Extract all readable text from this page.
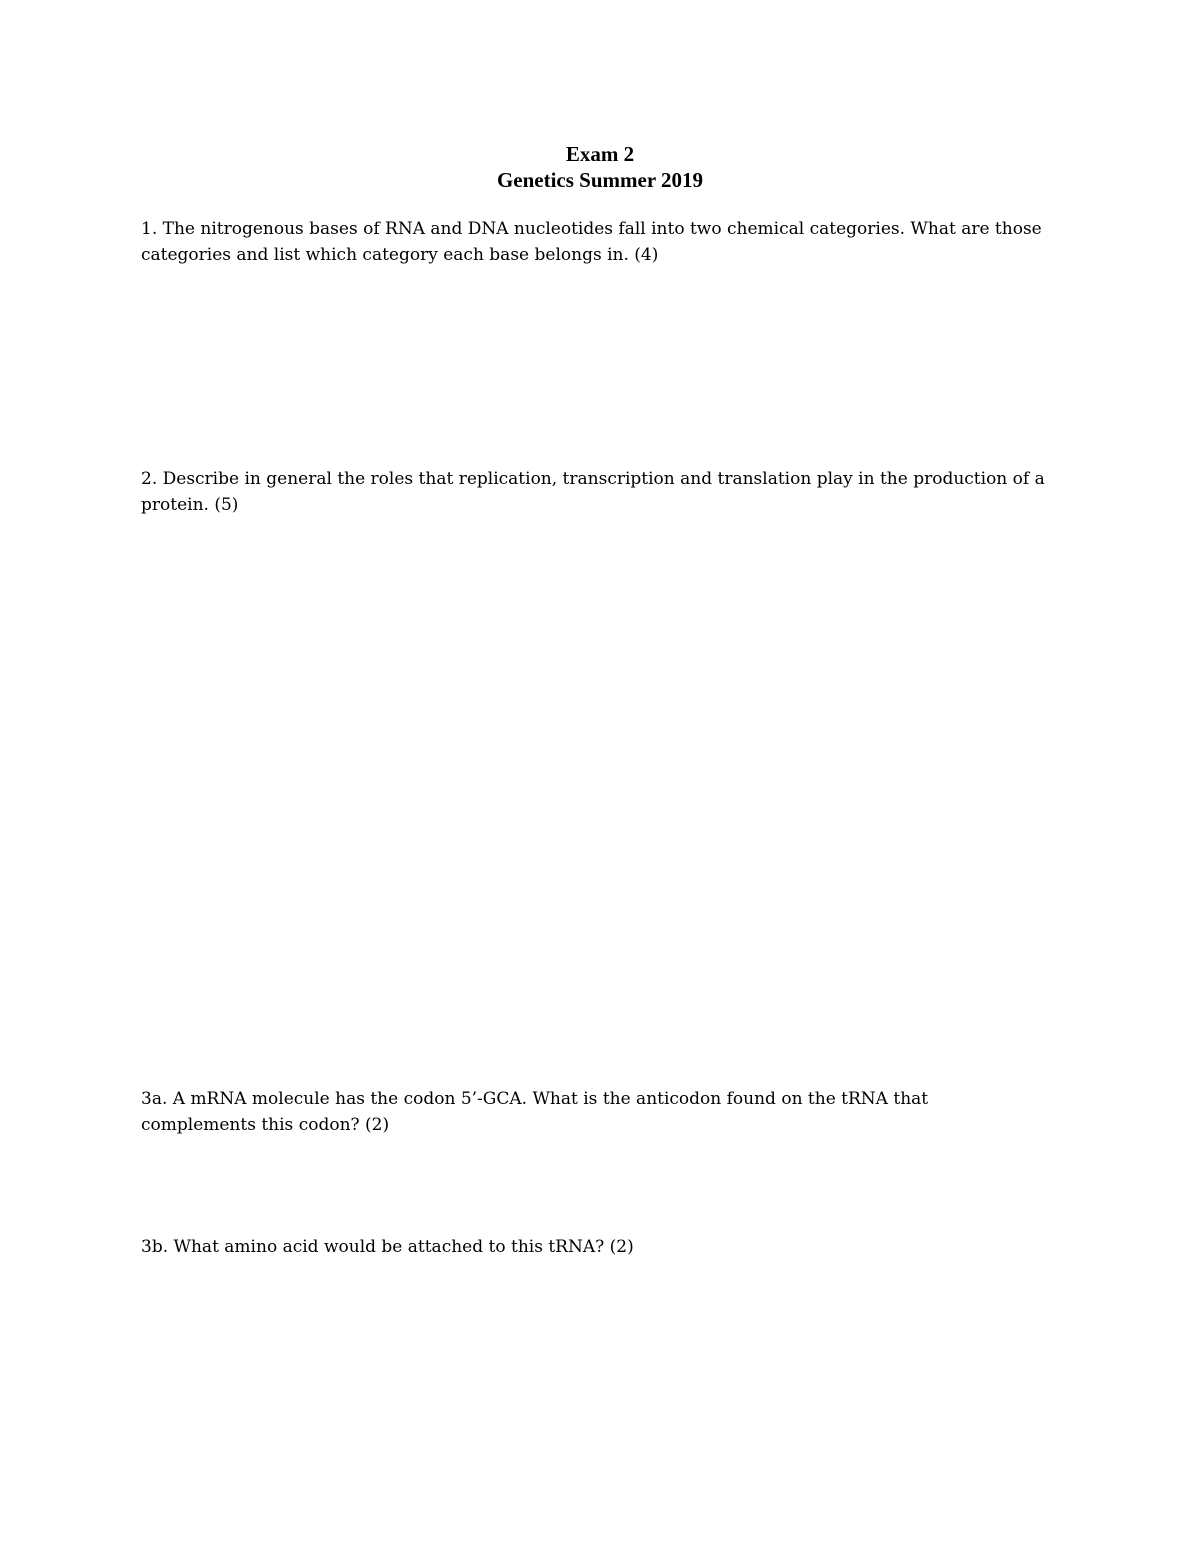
Exam 2
Genetics Summer 2019

1. The nitrogenous bases of RNA and DNA nucleotides fall into two chemical categories. What are those
categories and list which category each base belongs in. (4)

2. Describe in general the roles that replication, transcription and translation play in the production of a
protein. (5)

3a. A mRNA molecule has the codon 5’-GCA. What is the anticodon found on the tRNA that
complements this codon? (2)

3b. What amino acid would be attached to this tRNA? (2)
